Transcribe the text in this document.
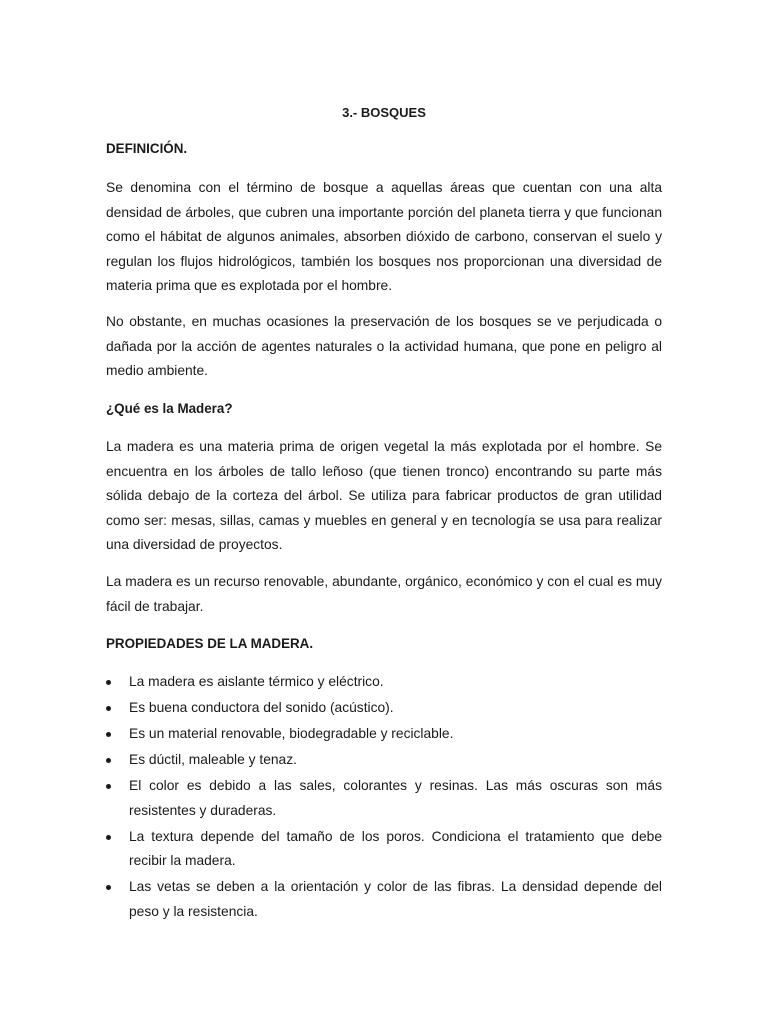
3.- BOSQUES
DEFINICIÓN.

Se denomina con el término de bosque a aquellas áreas que cuentan con una alta densidad de árboles, que cubren una importante porción del planeta tierra y que funcionan como el hábitat de algunos animales, absorben dióxido de carbono, conservan el suelo y regulan los flujos hidrológicos, también los bosques nos proporcionan una diversidad de materia prima que es explotada por el hombre.

No obstante, en muchas ocasiones la preservación de los bosques se ve perjudicada o dañada por la acción de agentes naturales o la actividad humana, que pone en peligro al medio ambiente.

¿Qué es la Madera?

La madera es una materia prima de origen vegetal la más explotada por el hombre. Se encuentra en los árboles de tallo leñoso (que tienen tronco) encontrando su parte más sólida debajo de la corteza del árbol. Se utiliza para fabricar productos de gran utilidad como ser: mesas, sillas, camas y muebles en general y en tecnología se usa para realizar una diversidad de proyectos.

La madera es un recurso renovable, abundante, orgánico, económico y con el cual es muy fácil de trabajar.

PROPIEDADES DE LA MADERA.
La madera es aislante térmico y eléctrico.
Es buena conductora del sonido (acústico).
Es un material renovable, biodegradable y reciclable.
Es dúctil, maleable y tenaz.
El color es debido a las sales, colorantes y resinas. Las más oscuras son más resistentes y duraderas.
La textura depende del tamaño de los poros. Condiciona el tratamiento que debe recibir la madera.
Las vetas se deben a la orientación y color de las fibras. La densidad depende del peso y la resistencia.
